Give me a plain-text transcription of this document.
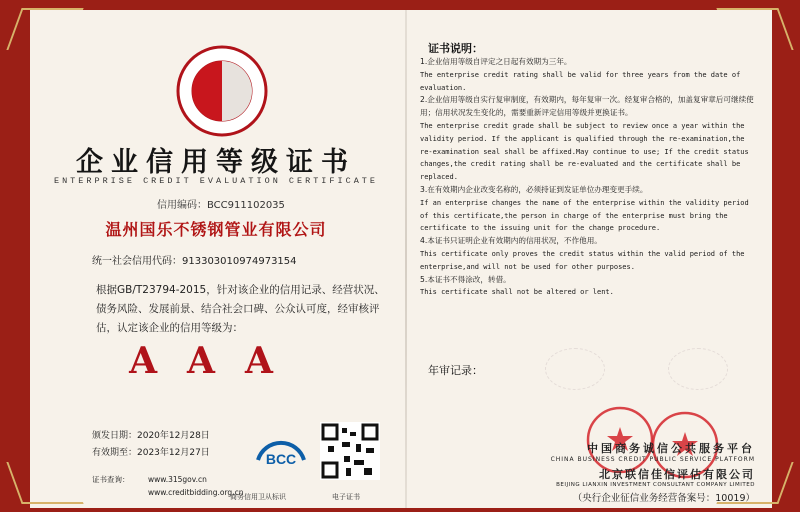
企业信用等级证书
ENTERPRISE CREDIT EVALUATION CERTIFICATE
信用编码：BCC911102035
温州国乐不锈钢管业有限公司
统一社会信用代码：913303010974973154
根据GB/T23794-2015，针对该企业的信用记录、经营状况、债务风险、发展前景、结合社会口碑、公众认可度，经审核评估，认定该企业的信用等级为：
AAA
颁发日期：2020年12月28日
有效期至：2023年12月27日
证书查询： www.315gov.cn
www.creditbidding.org.cn
BCC
商务信用卫从标识	电子证书
证书说明：

1.企业信用等级自评定之日起有效期为三年。

The enterprise credit rating shall be valid for three years from the date of evaluation.

2.企业信用等级自实行复审制度，有效期内，每年复审一次。经复审合格的，加盖复审章后可继续使用；信用状况发生变化的，需要重新评定信用等级并更换证书。

The enterprise credit grade shall be subject to review once a year within the validity period. If the applicant is qualified through the re-examination,the re-examination seal shall be affixed.May continue to use; If the credit status changes,the credit rating shall be re-evaluated and the certificate shall be replaced.

3.在有效期内企业改变名称的，必须持证到发证单位办理变更手续。

If an enterprise changes the name of the enterprise within the validity period of this certificate,the person in charge of the enterprise must bring the certificate to the issuing unit for the change procedure.

4.本证书只证明企业有效期内的信用状况，不作他用。

This certificate only proves the credit status within the valid period of the enterprise,and will not be used for other purposes.

5.本证书不得涂改，转借。

This certificate shall not be altered or lent.

年审记录：
中国商务诚信公共服务平台
CHINA BUSINESS CREDIT PUBLIC SERVICE PLATFORM
北京联信佳信评估有限公司
BEIJING LIANXIN INVESTMENT CONSULTANT COMPANY LIMITED
（央行企业征信业务经营备案号：10019）
